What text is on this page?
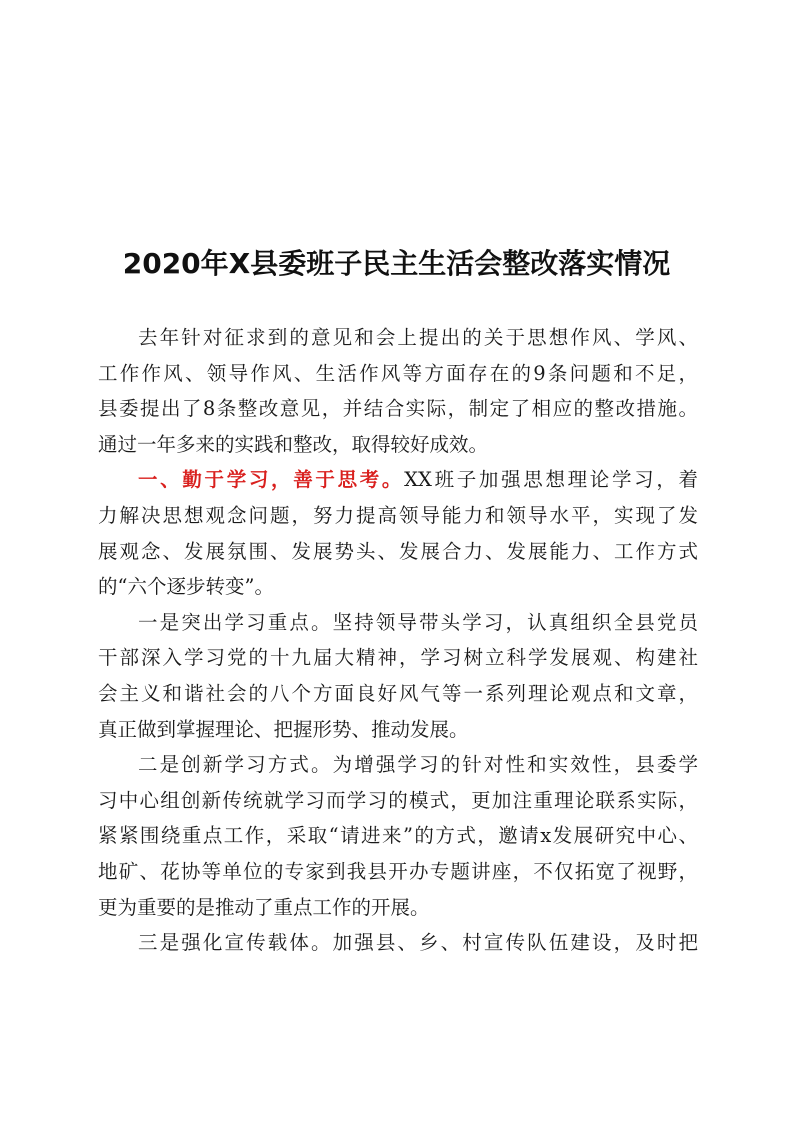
2020年X县委班子民主生活会整改落实情况
去年针对征求到的意见和会上提出的关于思想作风、学风、
工作作风、领导作风、生活作风等方面存在的9条问题和不足，
县委提出了8条整改意见，并结合实际，制定了相应的整改措施。
通过一年多来的实践和整改，取得较好成效。
一、勤于学习，善于思考。XX班子加强思想理论学习，着
力解决思想观念问题，努力提高领导能力和领导水平，实现了发
展观念、发展氛围、发展势头、发展合力、发展能力、工作方式
的“六个逐步转变”。
一是突出学习重点。坚持领导带头学习，认真组织全县党员
干部深入学习党的十九届大精神，学习树立科学发展观、构建社
会主义和谐社会的八个方面良好风气等一系列理论观点和文章，
真正做到掌握理论、把握形势、推动发展。
二是创新学习方式。为增强学习的针对性和实效性，县委学
习中心组创新传统就学习而学习的模式，更加注重理论联系实际，
紧紧围绕重点工作，采取“请进来”的方式，邀请x发展研究中心、
地矿、花协等单位的专家到我县开办专题讲座，不仅拓宽了视野，
更为重要的是推动了重点工作的开展。
三是强化宣传载体。加强县、乡、村宣传队伍建设，及时把
